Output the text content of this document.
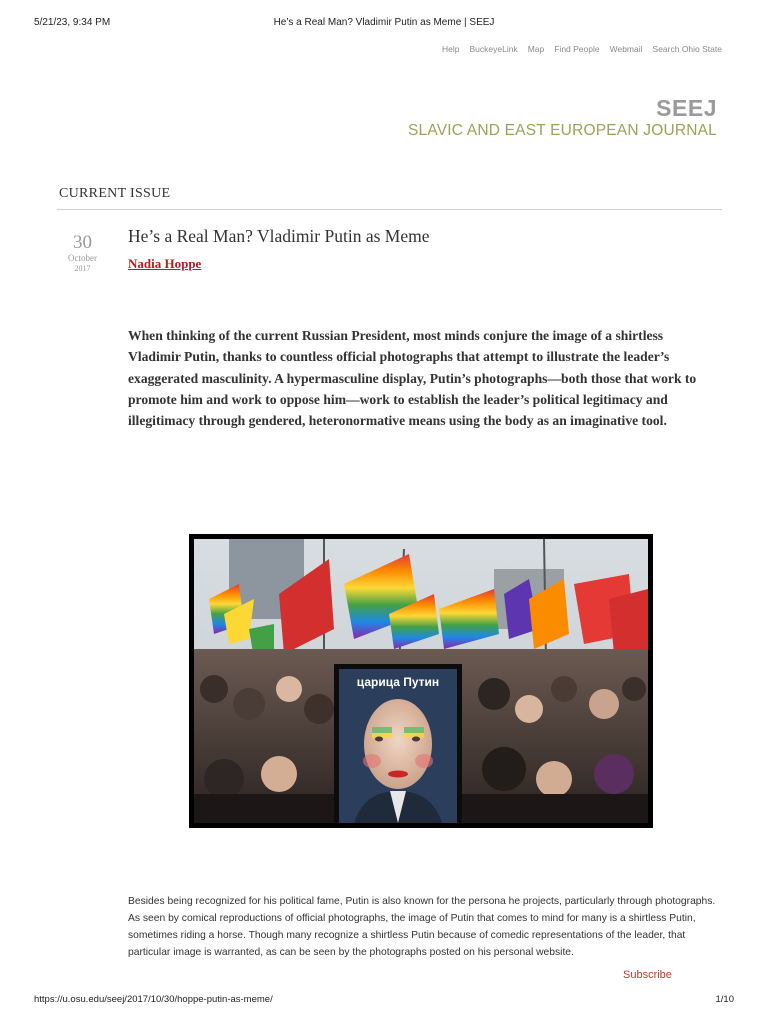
5/21/23, 9:34 PM	He’s a Real Man? Vladimir Putin as Meme | SEEJ
Help BuckeyeLink Map Find People Webmail Search Ohio State
SEEJ
SLAVIC AND EAST EUROPEAN JOURNAL
CURRENT ISSUE
30
October
2017
He’s a Real Man? Vladimir Putin as Meme
Nadia Hoppe

When thinking of the current Russian President, most minds conjure the image of a shirtless Vladimir Putin, thanks to countless official photographs that attempt to illustrate the leader’s exaggerated masculinity. A hypermasculine display, Putin’s photographs—both those that work to promote him and work to oppose him—work to establish the leader’s political legitimacy and illegitimacy through gendered, heteronormative means using the body as an imaginative tool.

царица Путин

Besides being recognized for his political fame, Putin is also known for the persona he projects, particularly through photographs. As seen by comical reproductions of official photographs, the image of Putin that comes to mind for many is a shirtless Putin, sometimes riding a horse. Though many recognize a shirtless Putin because of comedic representations of the leader, that particular image is warranted, as can be seen by the photographs posted on his personal website.

Subscribe
https://u.osu.edu/seej/2017/10/30/hoppe-putin-as-meme/	1/10
